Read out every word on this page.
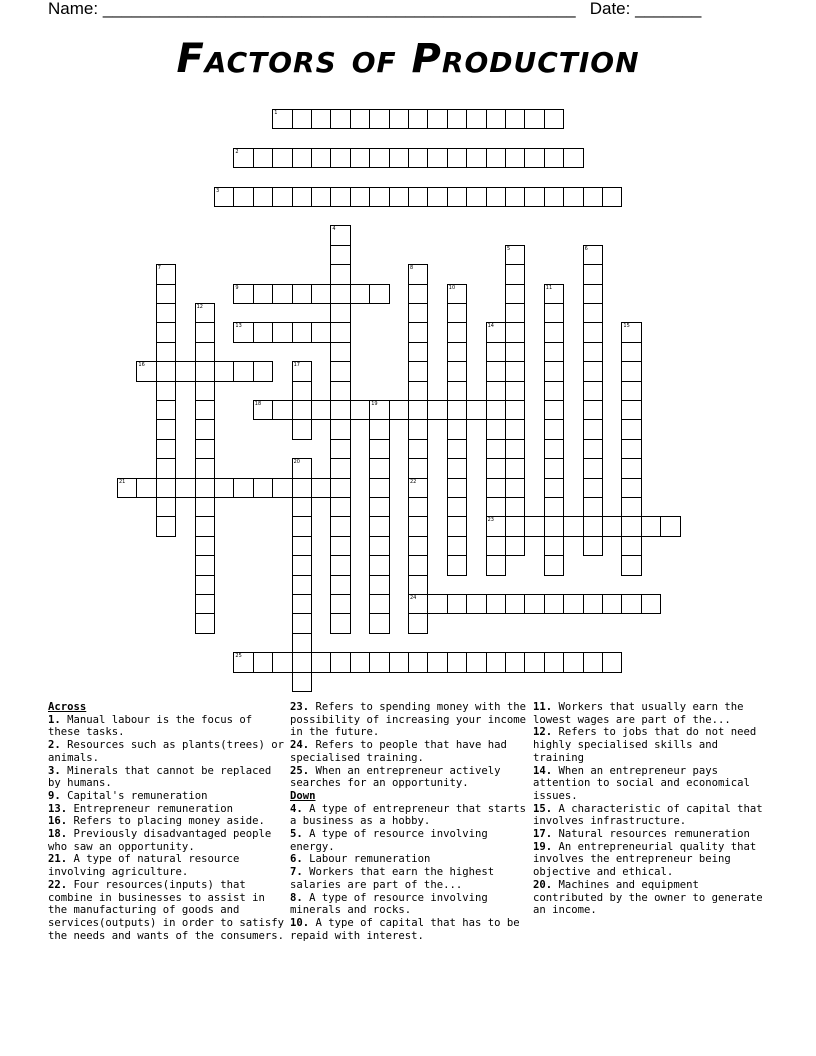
Name: __________________________________________________ Date: _______
Factors of Production
1
2
3
4
5	6
7	8
22
24
9	10	11
12
13	14
23
15
16	17
18	19
20
21
25
Across
1. Manual labour is the focus of these tasks.
2. Resources such as plants(trees) or animals.
3. Minerals that cannot be replaced by humans.
9. Capital's remuneration
13. Entrepreneur remuneration
16. Refers to placing money aside.
18. Previously disadvantaged people who saw an opportunity.
21. A type of natural resource involving agriculture.
22. Four resources(inputs) that combine in businesses to assist in the manufacturing of goods and services(outputs) in order to satisfy the needs and wants of the consumers.
23. Refers to spending money with the possibility of increasing your income in the future.
24. Refers to people that have had specialised training.
25. When an entrepreneur actively searches for an opportunity.
Down
4. A type of entrepreneur that starts a business as a hobby.
5. A type of resource involving energy.
6. Labour remuneration
7. Workers that earn the highest salaries are part of the...
8. A type of resource involving minerals and rocks.
10. A type of capital that has to be repaid with interest.
11. Workers that usually earn the lowest wages are part of the...
12. Refers to jobs that do not need highly specialised skills and training
14. When an entrepreneur pays attention to social and economical issues.
15. A characteristic of capital that involves infrastructure.
17. Natural resources remuneration
19. An entrepreneurial quality that involves the entrepreneur being objective and ethical.
20. Machines and equipment contributed by the owner to generate an income.
